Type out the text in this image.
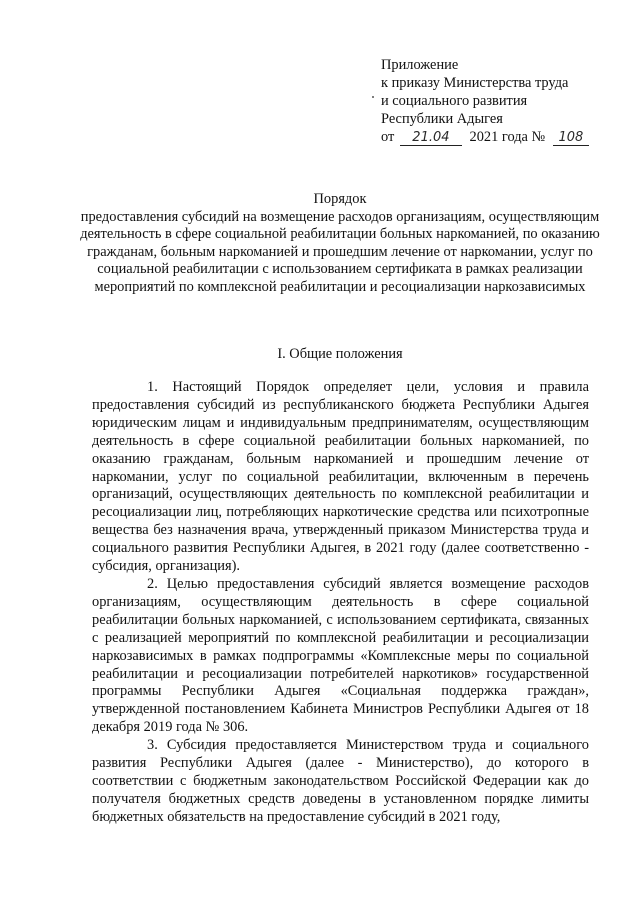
Приложение
к приказу Министерства труда
и социального развития
Республики Адыгея
от 21.04 2021 года № 108
Порядок
предоставления субсидий на возмещение расходов организациям, осуществляющим деятельность в сфере социальной реабилитации больных наркоманией, по оказанию гражданам, больным наркоманией и прошедшим лечение от наркомании, услуг по социальной реабилитации с использованием сертификата в рамках реализации мероприятий по комплексной реабилитации и ресоциализации наркозависимых
I. Общие положения

1. Настоящий Порядок определяет цели, условия и правила предоставления субсидий из республиканского бюджета Республики Адыгея юридическим лицам и индивидуальным предпринимателям, осуществляющим деятельность в сфере социальной реабилитации больных наркоманией, по оказанию гражданам, больным наркоманией и прошедшим лечение от наркомании, услуг по социальной реабилитации, включенным в перечень организаций, осуществляющих деятельность по комплексной реабилитации и ресоциализации лиц, потребляющих наркотические средства или психотропные вещества без назначения врача, утвержденный приказом Министерства труда и социального развития Республики Адыгея, в 2021 году (далее соответственно - субсидия, организация).

2. Целью предоставления субсидий является возмещение расходов организациям, осуществляющим деятельность в сфере социальной реабилитации больных наркоманией, с использованием сертификата, связанных с реализацией мероприятий по комплексной реабилитации и ресоциализации наркозависимых в рамках подпрограммы «Комплексные меры по социальной реабилитации и ресоциализации потребителей наркотиков» государственной программы Республики Адыгея «Социальная поддержка граждан», утвержденной постановлением Кабинета Министров Республики Адыгея от 18 декабря 2019 года № 306.

3. Субсидия предоставляется Министерством труда и социального развития Республики Адыгея (далее - Министерство), до которого в соответствии с бюджетным законодательством Российской Федерации как до получателя бюджетных средств доведены в установленном порядке лимиты бюджетных обязательств на предоставление субсидий в 2021 году,
